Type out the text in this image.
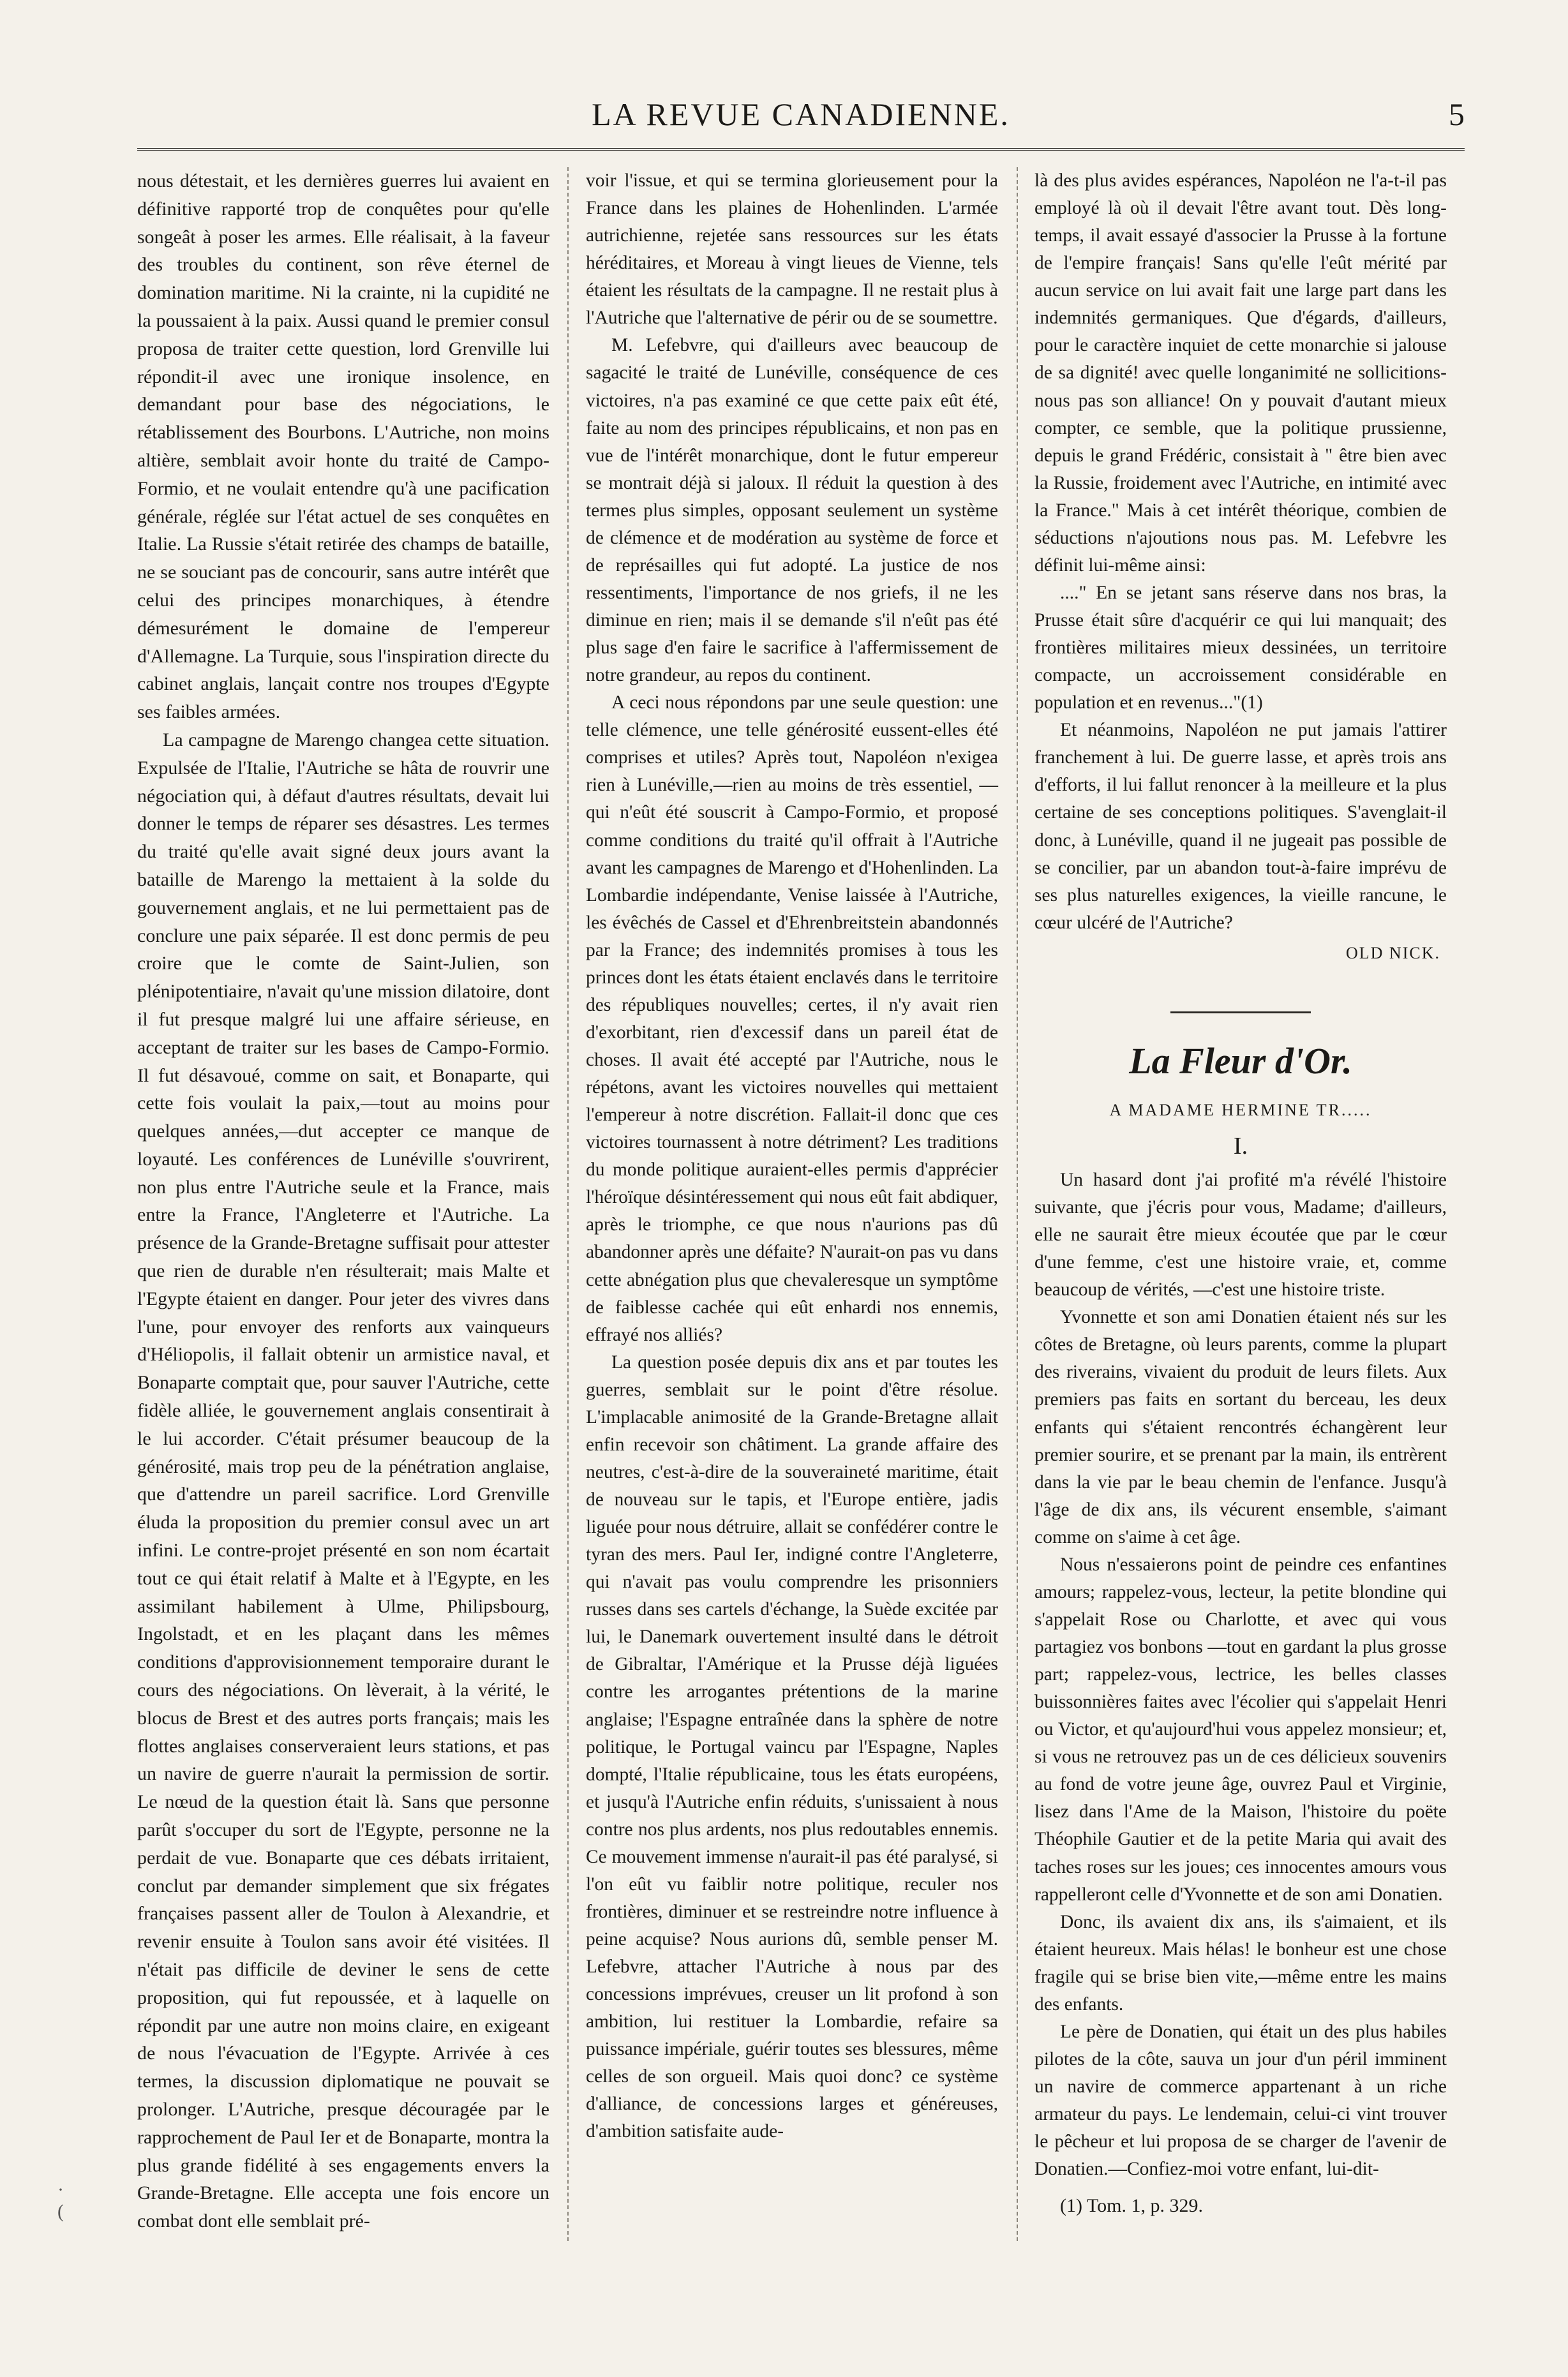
LA REVUE CANADIENNE.	5

nous détestait, et les dernières guerres lui avaient en définitive rapporté trop de conquêtes pour qu'elle songeât à poser les armes. Elle réalisait, à la faveur des troubles du continent, son rêve éternel de domination maritime. Ni la crainte, ni la cupidité ne la poussaient à la paix. Aussi quand le premier consul proposa de traiter cette question, lord Grenville lui répondit-il avec une ironique insolence, en demandant pour base des négociations, le rétablissement des Bourbons. L'Autriche, non moins altière, semblait avoir honte du traité de Campo-Formio, et ne voulait entendre qu'à une pacification générale, réglée sur l'état actuel de ses conquêtes en Italie. La Russie s'était retirée des champs de bataille, ne se souciant pas de concourir, sans autre intérêt que celui des principes monarchiques, à étendre démesurément le domaine de l'empereur d'Allemagne. La Turquie, sous l'inspiration directe du cabinet anglais, lançait contre nos troupes d'Egypte ses faibles armées.

La campagne de Marengo changea cette situation. Expulsée de l'Italie, l'Autriche se hâta de rouvrir une négociation qui, à défaut d'autres résultats, devait lui donner le temps de réparer ses désastres. Les termes du traité qu'elle avait signé deux jours avant la bataille de Marengo la mettaient à la solde du gouvernement anglais, et ne lui permettaient pas de conclure une paix séparée. Il est donc permis de peu croire que le comte de Saint-Julien, son plénipotentiaire, n'avait qu'une mission dilatoire, dont il fut presque malgré lui une affaire sérieuse, en acceptant de traiter sur les bases de Campo-Formio. Il fut désavoué, comme on sait, et Bonaparte, qui cette fois voulait la paix,—tout au moins pour quelques années,—dut accepter ce manque de loyauté. Les conférences de Lunéville s'ouvrirent, non plus entre l'Autriche seule et la France, mais entre la France, l'Angleterre et l'Autriche. La présence de la Grande-Bretagne suffisait pour attester que rien de durable n'en résulterait; mais Malte et l'Egypte étaient en danger. Pour jeter des vivres dans l'une, pour envoyer des renforts aux vainqueurs d'Héliopolis, il fallait obtenir un armistice naval, et Bonaparte comptait que, pour sauver l'Autriche, cette fidèle alliée, le gouvernement anglais consentirait à le lui accorder. C'était présumer beaucoup de la générosité, mais trop peu de la pénétration anglaise, que d'attendre un pareil sacrifice. Lord Grenville éluda la proposition du premier consul avec un art infini. Le contre-projet présenté en son nom écartait tout ce qui était relatif à Malte et à l'Egypte, en les assimilant habilement à Ulme, Philipsbourg, Ingolstadt, et en les plaçant dans les mêmes conditions d'approvisionnement temporaire durant le cours des négociations. On lèverait, à la vérité, le blocus de Brest et des autres ports français; mais les flottes anglaises conserveraient leurs stations, et pas un navire de guerre n'aurait la permission de sortir. Le nœud de la question était là. Sans que personne parût s'occuper du sort de l'Egypte, personne ne la perdait de vue. Bonaparte que ces débats irritaient, conclut par demander simplement que six frégates françaises passent aller de Toulon à Alexandrie, et revenir ensuite à Toulon sans avoir été visitées. Il n'était pas difficile de deviner le sens de cette proposition, qui fut repoussée, et à laquelle on répondit par une autre non moins claire, en exigeant de nous l'évacuation de l'Egypte. Arrivée à ces termes, la discussion diplomatique ne pouvait se prolonger. L'Autriche, presque découragée par le rapprochement de Paul Ier et de Bonaparte, montra la plus grande fidélité à ses engagements envers la Grande-Bretagne. Elle accepta une fois encore un combat dont elle semblait pré-

voir l'issue, et qui se termina glorieusement pour la France dans les plaines de Hohenlinden. L'armée autrichienne, rejetée sans ressources sur les états héréditaires, et Moreau à vingt lieues de Vienne, tels étaient les résultats de la campagne. Il ne restait plus à l'Autriche que l'alternative de périr ou de se soumettre.

M. Lefebvre, qui d'ailleurs avec beaucoup de sagacité le traité de Lunéville, conséquence de ces victoires, n'a pas examiné ce que cette paix eût été, faite au nom des principes républicains, et non pas en vue de l'intérêt monarchique, dont le futur empereur se montrait déjà si jaloux. Il réduit la question à des termes plus simples, opposant seulement un système de clémence et de modération au système de force et de représailles qui fut adopté. La justice de nos ressentiments, l'importance de nos griefs, il ne les diminue en rien; mais il se demande s'il n'eût pas été plus sage d'en faire le sacrifice à l'affermissement de notre grandeur, au repos du continent.

A ceci nous répondons par une seule question: une telle clémence, une telle générosité eussent-elles été comprises et utiles? Après tout, Napoléon n'exigea rien à Lunéville,—rien au moins de très essentiel, —qui n'eût été souscrit à Campo-Formio, et proposé comme conditions du traité qu'il offrait à l'Autriche avant les campagnes de Marengo et d'Hohenlinden. La Lombardie indépendante, Venise laissée à l'Autriche, les évêchés de Cassel et d'Ehrenbreitstein abandonnés par la France; des indemnités promises à tous les princes dont les états étaient enclavés dans le territoire des républiques nouvelles; certes, il n'y avait rien d'exorbitant, rien d'excessif dans un pareil état de choses. Il avait été accepté par l'Autriche, nous le répétons, avant les victoires nouvelles qui mettaient l'empereur à notre discrétion. Fallait-il donc que ces victoires tournassent à notre détriment? Les traditions du monde politique auraient-elles permis d'apprécier l'héroïque désintéressement qui nous eût fait abdiquer, après le triomphe, ce que nous n'aurions pas dû abandonner après une défaite? N'aurait-on pas vu dans cette abnégation plus que chevaleresque un symptôme de faiblesse cachée qui eût enhardi nos ennemis, effrayé nos alliés?

La question posée depuis dix ans et par toutes les guerres, semblait sur le point d'être résolue. L'implacable animosité de la Grande-Bretagne allait enfin recevoir son châtiment. La grande affaire des neutres, c'est-à-dire de la souveraineté maritime, était de nouveau sur le tapis, et l'Europe entière, jadis liguée pour nous détruire, allait se confédérer contre le tyran des mers. Paul Ier, indigné contre l'Angleterre, qui n'avait pas voulu comprendre les prisonniers russes dans ses cartels d'échange, la Suède excitée par lui, le Danemark ouvertement insulté dans le détroit de Gibraltar, l'Amérique et la Prusse déjà liguées contre les arrogantes prétentions de la marine anglaise; l'Espagne entraînée dans la sphère de notre politique, le Portugal vaincu par l'Espagne, Naples dompté, l'Italie républicaine, tous les états européens, et jusqu'à l'Autriche enfin réduits, s'unissaient à nous contre nos plus ardents, nos plus redoutables ennemis. Ce mouvement immense n'aurait-il pas été paralysé, si l'on eût vu faiblir notre politique, reculer nos frontières, diminuer et se restreindre notre influence à peine acquise? Nous aurions dû, semble penser M. Lefebvre, attacher l'Autriche à nous par des concessions imprévues, creuser un lit profond à son ambition, lui restituer la Lombardie, refaire sa puissance impériale, guérir toutes ses blessures, même celles de son orgueil. Mais quoi donc? ce système d'alliance, de concessions larges et généreuses, d'ambition satisfaite aude-

là des plus avides espérances, Napoléon ne l'a-t-il pas employé là où il devait l'être avant tout. Dès long-temps, il avait essayé d'associer la Prusse à la fortune de l'empire français! Sans qu'elle l'eût mérité par aucun service on lui avait fait une large part dans les indemnités germaniques. Que d'égards, d'ailleurs, pour le caractère inquiet de cette monarchie si jalouse de sa dignité! avec quelle longanimité ne sollicitions-nous pas son alliance! On y pouvait d'autant mieux compter, ce semble, que la politique prussienne, depuis le grand Frédéric, consistait à " être bien avec la Russie, froidement avec l'Autriche, en intimité avec la France." Mais à cet intérêt théorique, combien de séductions n'ajoutions nous pas. M. Lefebvre les définit lui-même ainsi:

...." En se jetant sans réserve dans nos bras, la Prusse était sûre d'acquérir ce qui lui manquait; des frontières militaires mieux dessinées, un territoire compacte, un accroissement considérable en population et en revenus..."(1)

Et néanmoins, Napoléon ne put jamais l'attirer franchement à lui. De guerre lasse, et après trois ans d'efforts, il lui fallut renoncer à la meilleure et la plus certaine de ses conceptions politiques. S'avenglait-il donc, à Lunéville, quand il ne jugeait pas possible de se concilier, par un abandon tout-à-faire imprévu de ses plus naturelles exigences, la vieille rancune, le cœur ulcéré de l'Autriche?

OLD NICK.
La Fleur d'Or.
A MADAME HERMINE TR.....
I.

Un hasard dont j'ai profité m'a révélé l'histoire suivante, que j'écris pour vous, Madame; d'ailleurs, elle ne saurait être mieux écoutée que par le cœur d'une femme, c'est une histoire vraie, et, comme beaucoup de vérités, —c'est une histoire triste.

Yvonnette et son ami Donatien étaient nés sur les côtes de Bretagne, où leurs parents, comme la plupart des riverains, vivaient du produit de leurs filets. Aux premiers pas faits en sortant du berceau, les deux enfants qui s'étaient rencontrés échangèrent leur premier sourire, et se prenant par la main, ils entrèrent dans la vie par le beau chemin de l'enfance. Jusqu'à l'âge de dix ans, ils vécurent ensemble, s'aimant comme on s'aime à cet âge.

Nous n'essaierons point de peindre ces enfantines amours; rappelez-vous, lecteur, la petite blondine qui s'appelait Rose ou Charlotte, et avec qui vous partagiez vos bonbons —tout en gardant la plus grosse part; rappelez-vous, lectrice, les belles classes buissonnières faites avec l'écolier qui s'appelait Henri ou Victor, et qu'aujourd'hui vous appelez monsieur; et, si vous ne retrouvez pas un de ces délicieux souvenirs au fond de votre jeune âge, ouvrez Paul et Virginie, lisez dans l'Ame de la Maison, l'histoire du poëte Théophile Gautier et de la petite Maria qui avait des taches roses sur les joues; ces innocentes amours vous rappelleront celle d'Yvonnette et de son ami Donatien.

Donc, ils avaient dix ans, ils s'aimaient, et ils étaient heureux. Mais hélas! le bonheur est une chose fragile qui se brise bien vite,—même entre les mains des enfants.

Le père de Donatien, qui était un des plus habiles pilotes de la côte, sauva un jour d'un péril imminent un navire de commerce appartenant à un riche armateur du pays. Le lendemain, celui-ci vint trouver le pêcheur et lui proposa de se charger de l'avenir de Donatien.—Confiez-moi votre enfant, lui-dit-

(1) Tom. 1, p. 329.
·
(
